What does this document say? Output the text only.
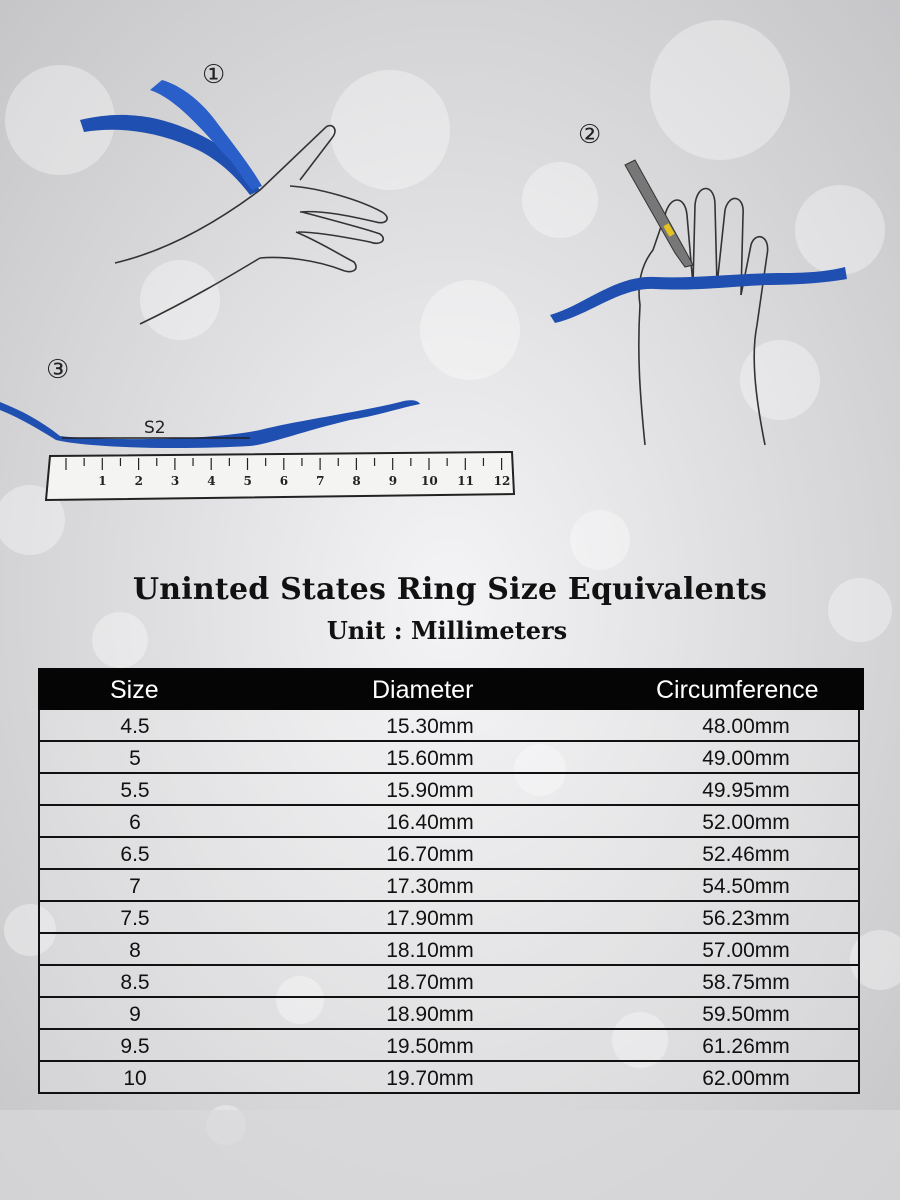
S2
1 2 3 4 5 6 7 8 9 10 11 12
①
②
③
Uninted States Ring Size Equivalents
Unit : Millimeters
Size	Diameter	Circumference
4.5	15.30mm	48.00mm
5	15.60mm	49.00mm
5.5	15.90mm	49.95mm
6	16.40mm	52.00mm
6.5	16.70mm	52.46mm
7	17.30mm	54.50mm
7.5	17.90mm	56.23mm
8	18.10mm	57.00mm
8.5	18.70mm	58.75mm
9	18.90mm	59.50mm
9.5	19.50mm	61.26mm
10	19.70mm	62.00mm
